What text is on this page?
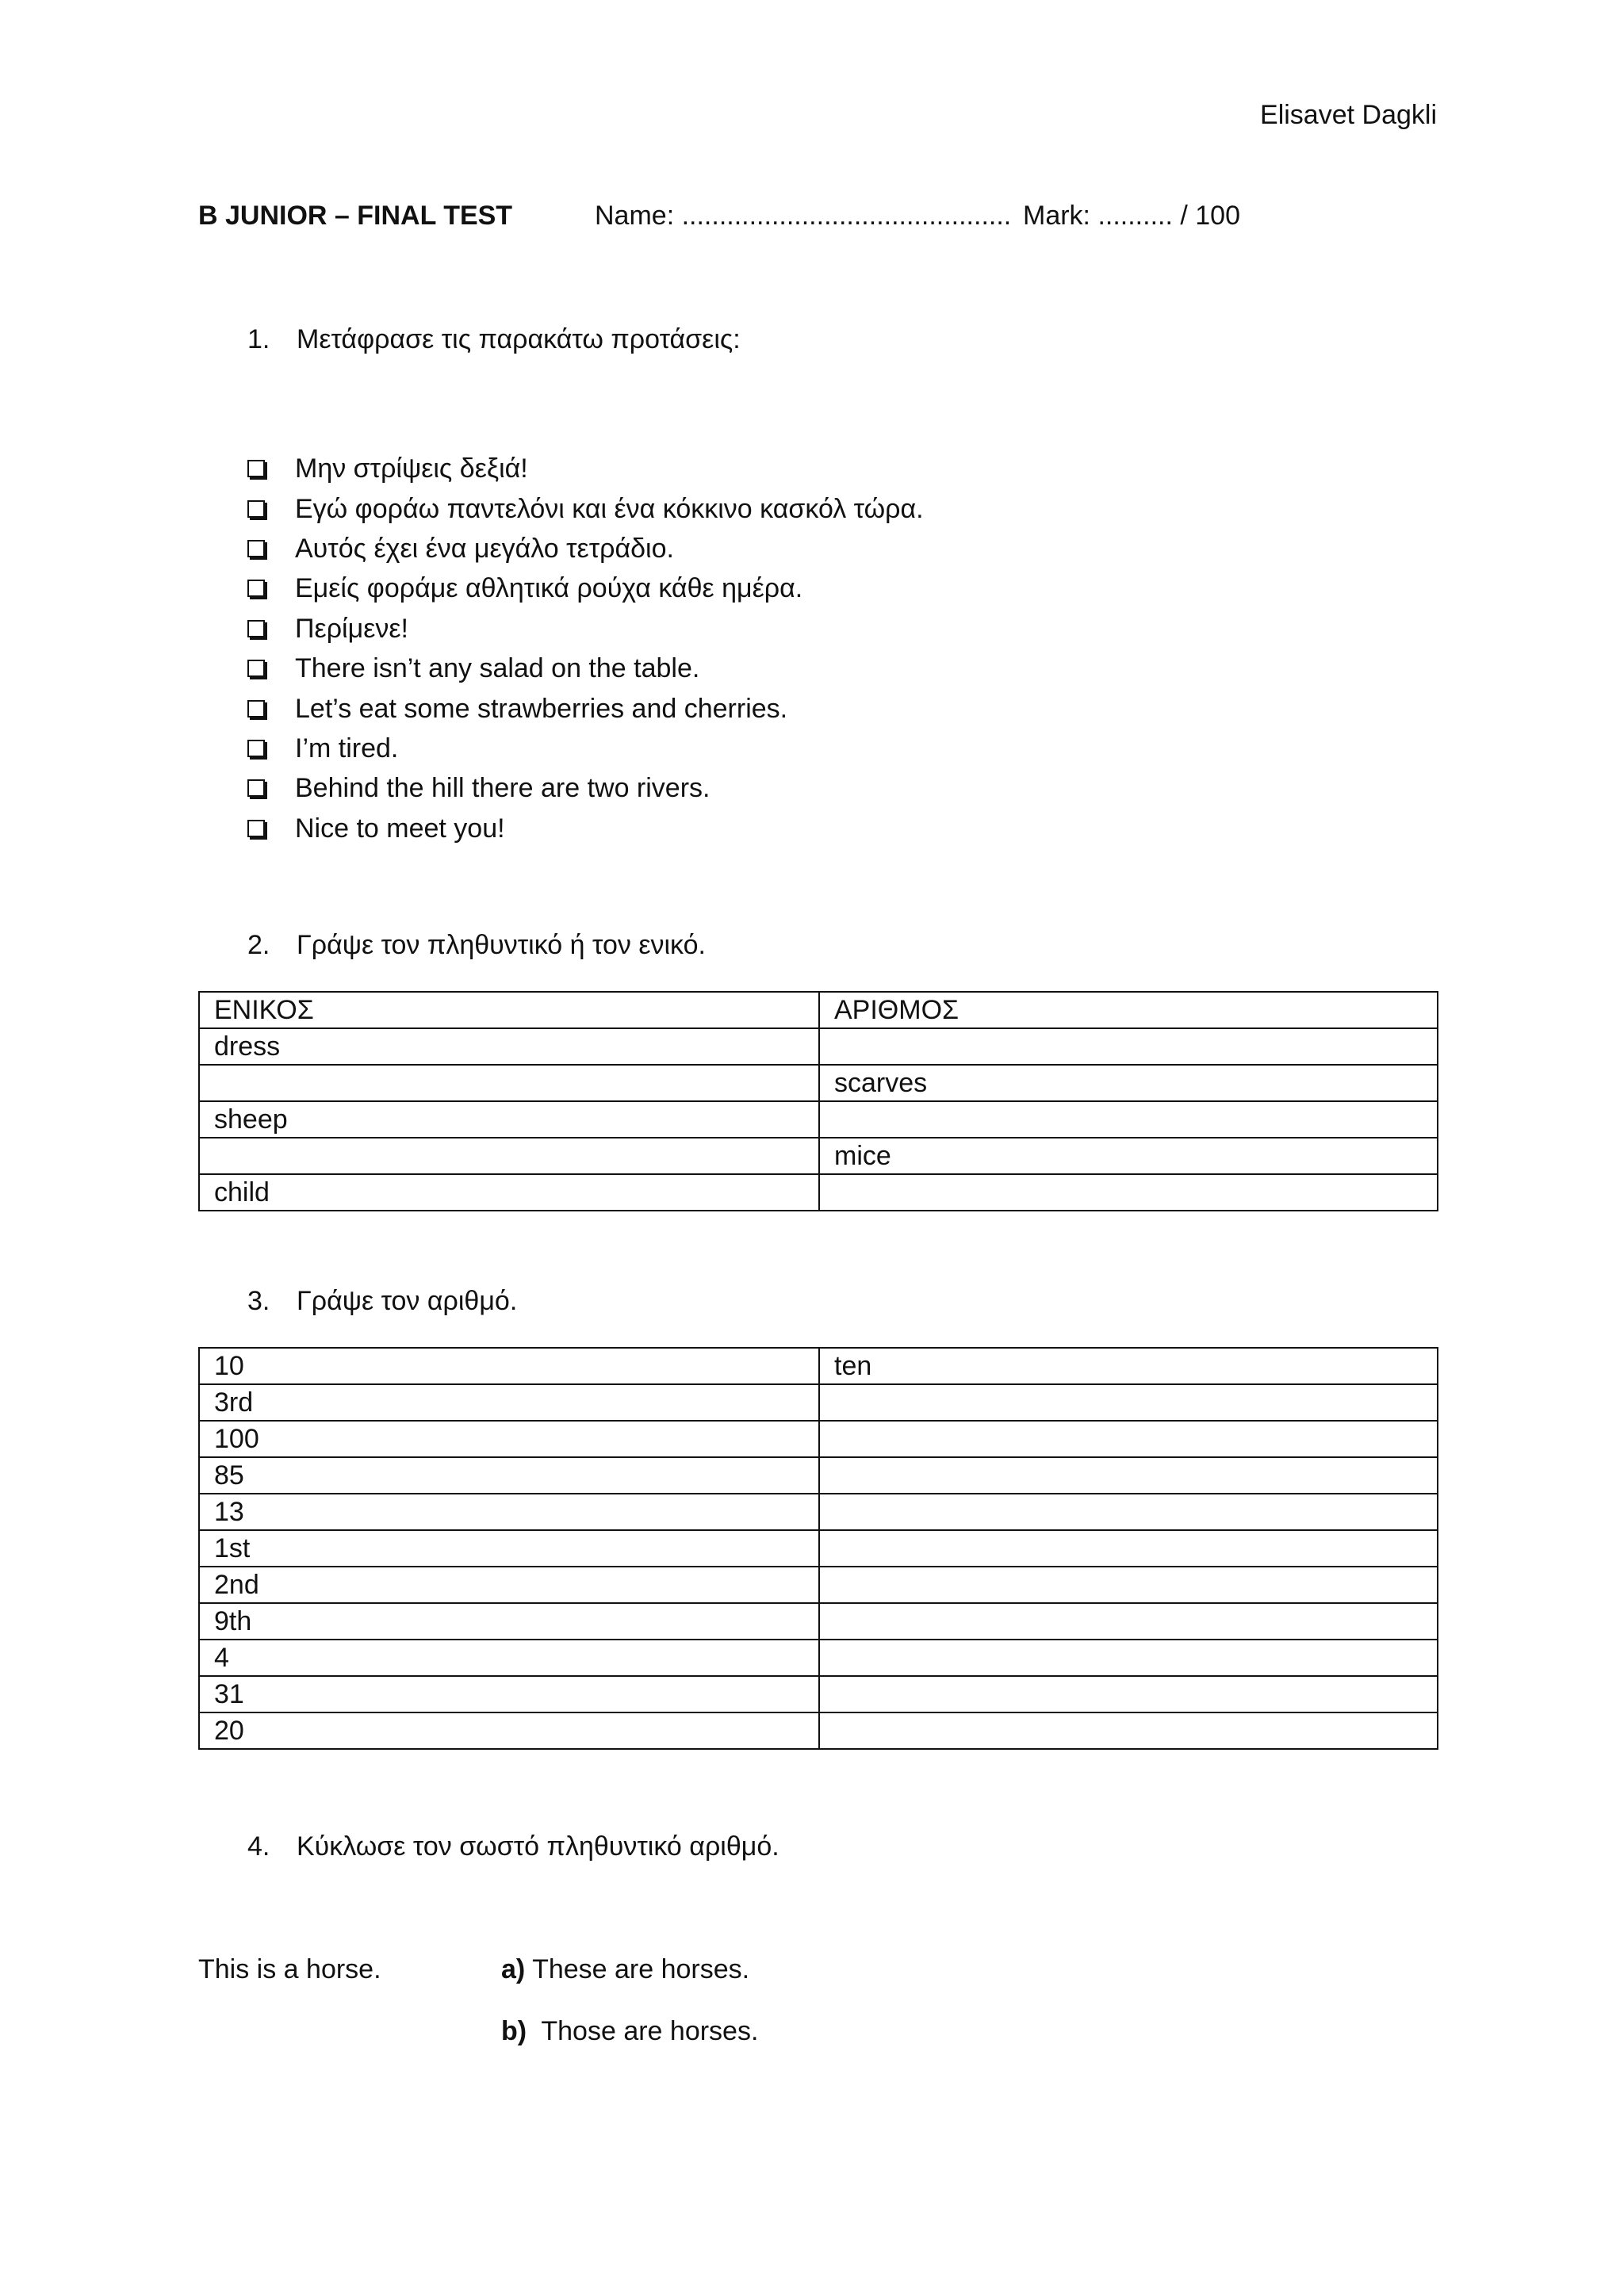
Elisavet Dagkli
B JUNIOR – FINAL TEST	Name: ............................................ Mark: .......... / 100
1. Μετάφρασε τις παρακάτω προτάσεις:
Μην στρίψεις δεξιά!
Εγώ φοράω παντελόνι και ένα κόκκινο κασκόλ τώρα.
Αυτός έχει ένα μεγάλο τετράδιο.
Εμείς φοράμε αθλητικά ρούχα κάθε ημέρα.
Περίμενε!
There isn’t any salad on the table.
Let’s eat some strawberries and cherries.
I’m tired.
Behind the hill there are two rivers.
Nice to meet you!
2. Γράψε τον πληθυντικό ή τον ενικό.
ΕΝΙΚΟΣ	ΑΡΙΘΜΟΣ
dress	
	scarves
sheep	
	mice
child	
3. Γράψε τον αριθμό.
10	ten
3rd	
100	
85	
13	
1st	
2nd	
9th	
4	
31	
20	
4. Κύκλωσε τον σωστό πληθυντικό αριθμό.
This is a horse.	a) These are horses.
b) Those are horses.
